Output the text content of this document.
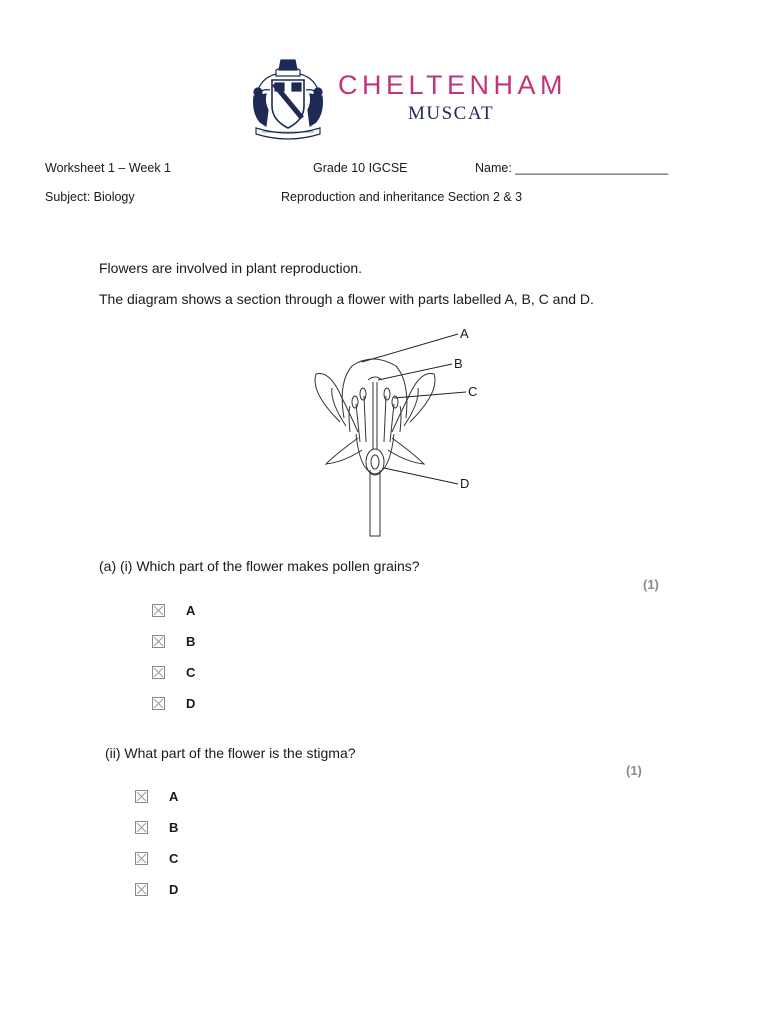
CHELTENHAM
MUSCAT
Worksheet 1 – Week 1	Grade 10 IGCSE	Name: ______________________
Subject: Biology	Reproduction and inheritance Section 2 & 3
Flowers are involved in plant reproduction.
The diagram shows a section through a flower with parts labelled A, B, C and D.
A
B
C
D
(a) (i) Which part of the flower makes pollen grains?
(1)
A
B
C
D
(ii) What part of the flower is the stigma?
(1)
A
B
C
D
